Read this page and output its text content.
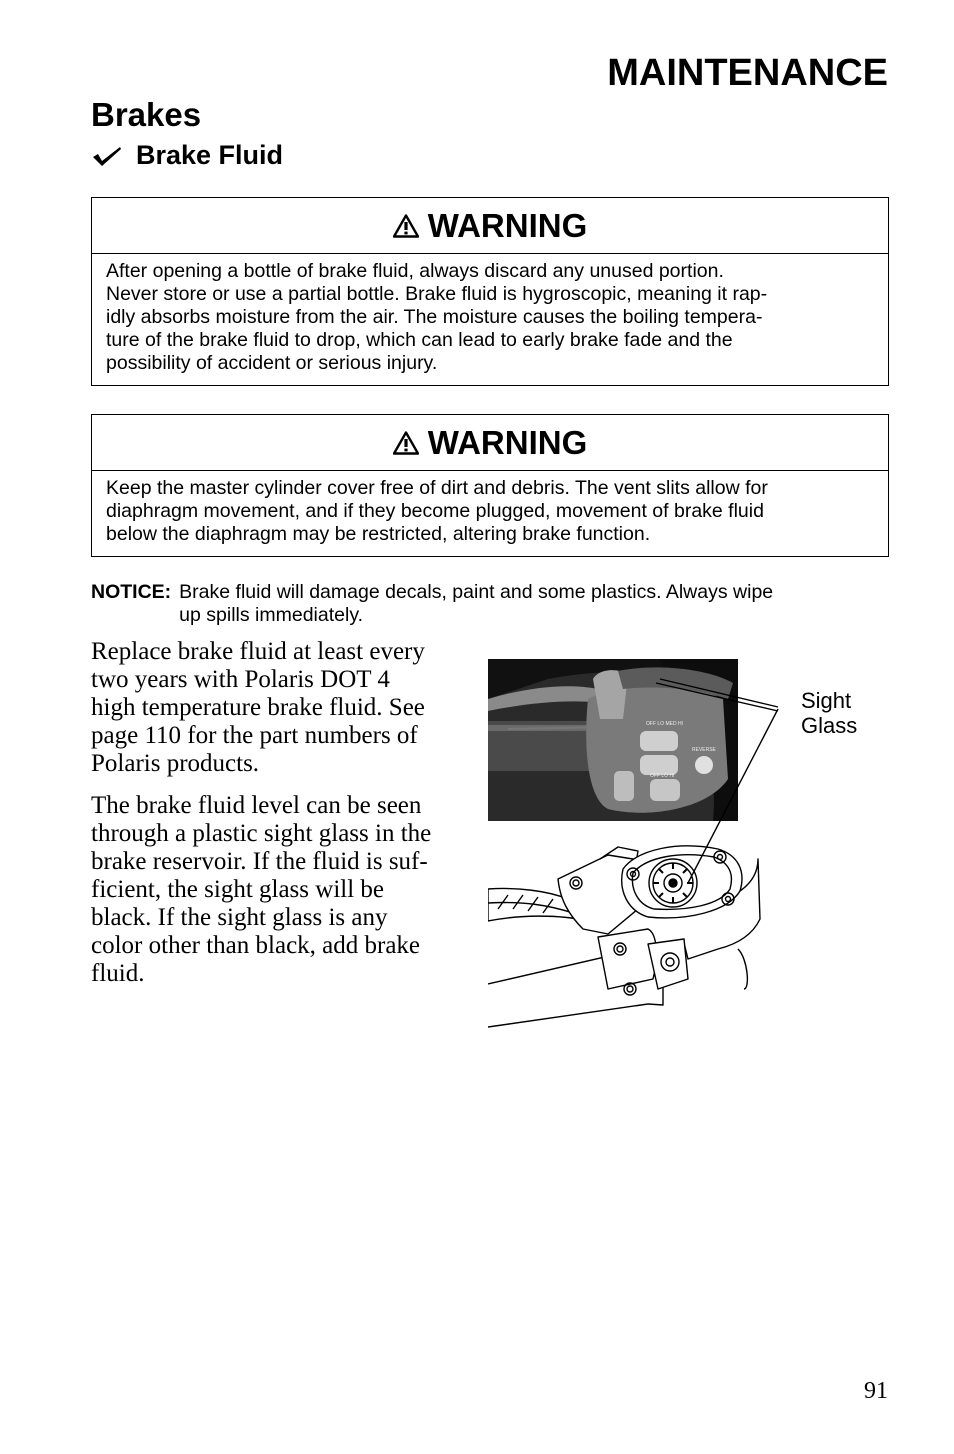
MAINTENANCE
Brakes
Brake Fluid
WARNING
After opening a bottle of brake fluid, always discard any unused portion.
Never store or use a partial bottle. Brake fluid is hygroscopic, meaning it rap-
idly absorbs moisture from the air. The moisture causes the boiling tempera-
ture of the brake fluid to drop, which can lead to early brake fade and the
possibility of accident or serious injury.
WARNING
Keep the master cylinder cover free of dirt and debris. The vent slits allow for
diaphragm movement, and if they become plugged, movement of brake fluid
below the diaphragm may be restricted, altering brake function.
NOTICE: Brake fluid will damage decals, paint and some plastics. Always wipe
up spills immediately.
Replace brake fluid at least every
two years with Polaris DOT 4
high temperature brake fluid. See
page 110 for the part numbers of
Polaris products.
The brake fluid level can be seen
through a plastic sight glass in the
brake reservoir. If the fluid is suf-
ficient, the sight glass will be
black. If the sight glass is any
color other than black, add brake
fluid.
OFF LO MED HI
REVERSE
OFF LO HI
Sight
Glass
91
